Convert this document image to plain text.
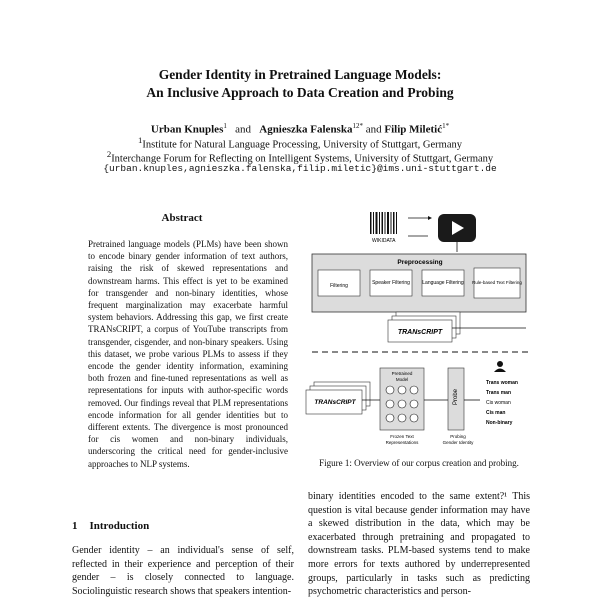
Gender Identity in Pretrained Language Models:
An Inclusive Approach to Data Creation and Probing
Urban Knuples$^1$ and Agnieszka Falenska$^{12*}$ and Filip Miletić$^{1*}$
$^1$Institute for Natural Language Processing, University of Stuttgart, Germany
$^2$Interchange Forum for Reflecting on Intelligent Systems, University of Stuttgart, Germany
{urban.knuples,agnieszka.falenska,filip.miletic}@ims.uni-stuttgart.de
Abstract
Pretrained language models (PLMs) have been shown to encode binary gender information of text authors, raising the risk of skewed representations and downstream harms. This effect is yet to be examined for transgender and non-binary identities, whose frequent marginalization may exacerbate harmful system behaviors. Addressing this gap, we first create TRANsCRIPT, a corpus of YouTube transcripts from transgender, cisgender, and non-binary speakers. Using this dataset, we probe various PLMs to assess if they encode the gender identity information, examining both frozen and fine-tuned representations as well as representations for inputs with author-specific words removed. Our findings reveal that PLM representations encode information for all gender identities but to different extents. The divergence is most pronounced for cis women and non-binary individuals, underscoring the critical need for gender-inclusive approaches to NLP systems.
1 Introduction
Gender identity – an individual's sense of self, reflected in their experience and perception of their gender – is closely connected to language. Sociolinguistic research shows that speakers intention-
WIKIDATA
Preprocessing
Filtering	Speaker Filtering Language Filtering Rule-based Text Filtering
TRANsCRIPT
TRANsCRIPT
Pretrained
Model
Frozen Text
Representations
Probe
Probing
Gender Identity
Trans woman
Trans man
Cis woman
Cis man
Non-binary
Figure 1: Overview of our corpus creation and probing.
binary identities encoded to the same extent?¹ This question is vital because gender information may have a skewed distribution in the data, which may be exacerbated through pretraining and propagated to downstream tasks. PLM-based systems tend to make more errors for texts authored by underrepresented groups, particularly in tasks such as predicting psychometric characteristics and person-
